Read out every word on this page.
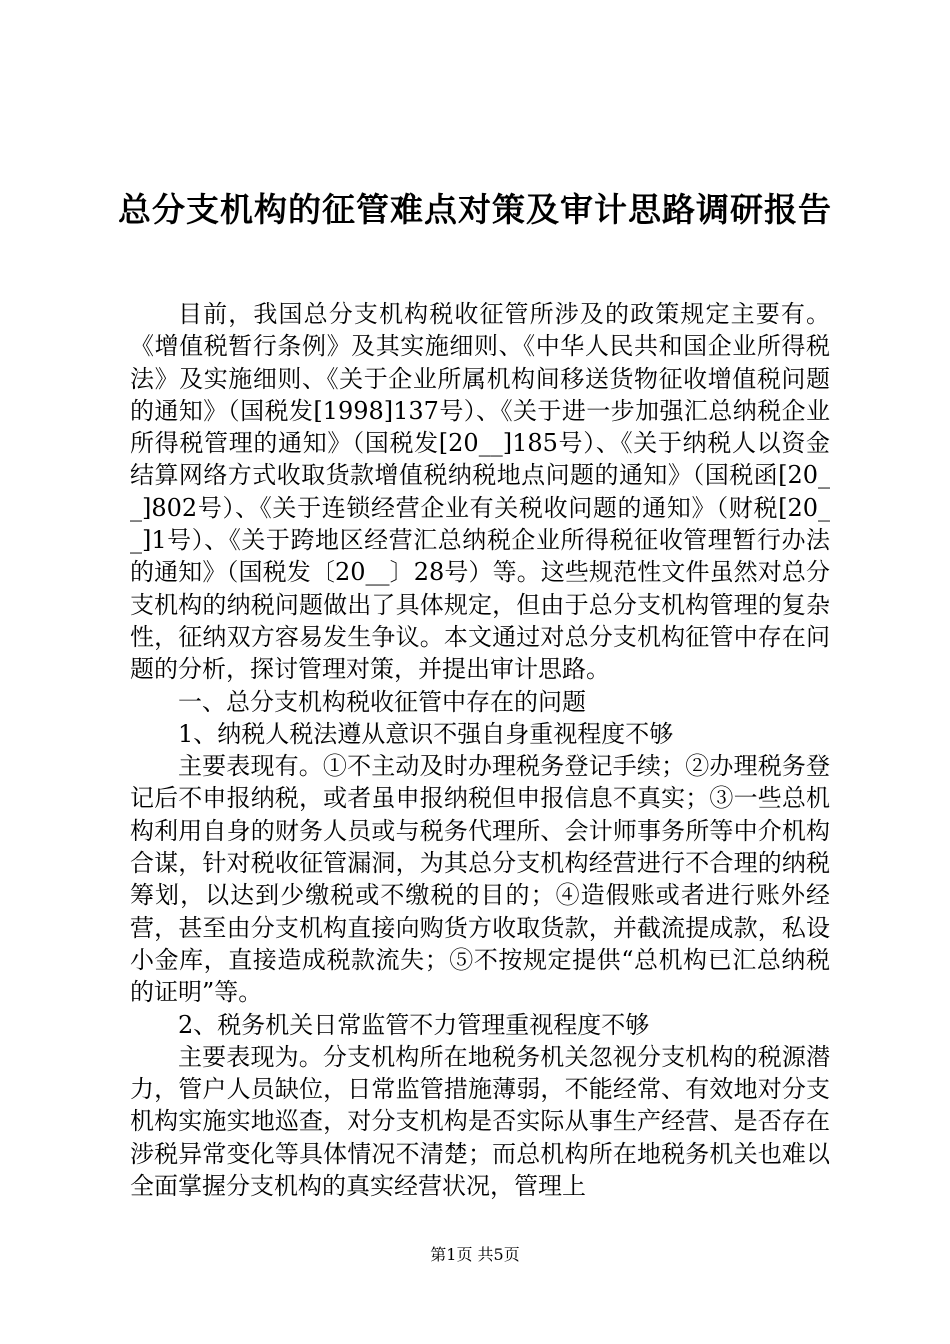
总分支机构的征管难点对策及审计思路调研报告

目前，我国总分支机构税收征管所涉及的政策规定主要有。《增值税暂行条例》及其实施细则、《中华人民共和国企业所得税法》及实施细则、《关于企业所属机构间移送货物征收增值税问题的通知》（国税发[1998]137号）、《关于进一步加强汇总纳税企业所得税管理的通知》（国税发[20__]185号）、《关于纳税人以资金结算网络方式收取货款增值税纳税地点问题的通知》（国税函[20__]802号）、《关于连锁经营企业有关税收问题的通知》（财税[20__]1号）、《关于跨地区经营汇总纳税企业所得税征收管理暂行办法的通知》（国税发〔20__〕28号）等。这些规范性文件虽然对总分支机构的纳税问题做出了具体规定，但由于总分支机构管理的复杂性，征纳双方容易发生争议。本文通过对总分支机构征管中存在问题的分析，探讨管理对策，并提出审计思路。

一、总分支机构税收征管中存在的问题

1、纳税人税法遵从意识不强自身重视程度不够

主要表现有。①不主动及时办理税务登记手续；②办理税务登记后不申报纳税，或者虽申报纳税但申报信息不真实；③一些总机构利用自身的财务人员或与税务代理所、会计师事务所等中介机构合谋，针对税收征管漏洞，为其总分支机构经营进行不合理的纳税筹划，以达到少缴税或不缴税的目的；④造假账或者进行账外经营，甚至由分支机构直接向购货方收取货款，并截流提成款，私设小金库，直接造成税款流失；⑤不按规定提供“总机构已汇总纳税的证明”等。

2、税务机关日常监管不力管理重视程度不够

主要表现为。分支机构所在地税务机关忽视分支机构的税源潜力，管户人员缺位，日常监管措施薄弱，不能经常、有效地对分支机构实施实地巡查，对分支机构是否实际从事生产经营、是否存在涉税异常变化等具体情况不清楚；而总机构所在地税务机关也难以全面掌握分支机构的真实经营状况，管理上

第1页 共5页
